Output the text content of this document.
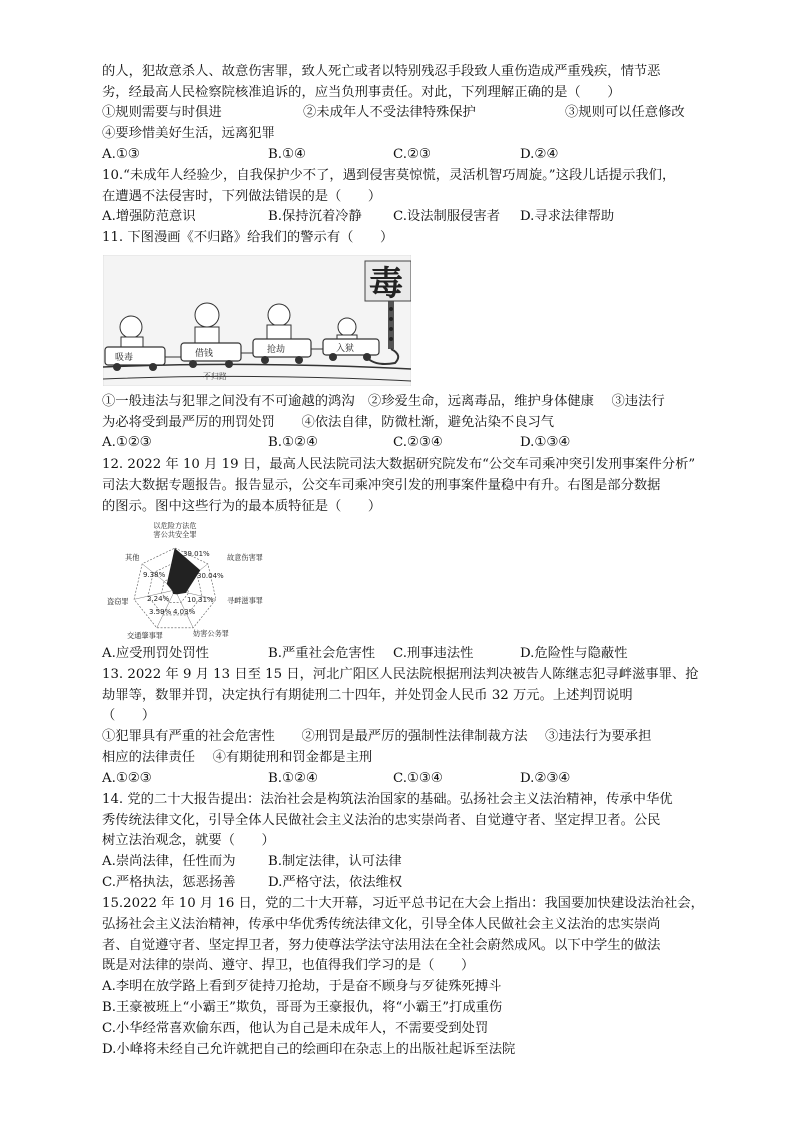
的人，犯故意杀人、故意伤害罪，致人死亡或者以特别残忍手段致人重伤造成严重残疾，情节恶
劣，经最高人民检察院核准追诉的，应当负刑事责任。对此，下列理解正确的是（　　）
①规则需要与时俱进	②未成年人不受法律特殊保护	③规则可以任意修改
④要珍惜美好生活，远离犯罪
A.①③	B.①④	C.②③	D.②④
10.“未成年人经验少，自我保护少不了，遇到侵害莫惊慌，灵活机智巧周旋。”这段儿话提示我们，
在遭遇不法侵害时，下列做法错误的是（　　）
A.增强防范意识	B.保持沉着冷静 C.设法制服侵害者 D.寻求法律帮助
11. 下图漫画《不归路》给我们的警示有（　　）
不归路
毒
吸毒	借钱	抢劫	入狱
①一般违法与犯罪之间没有不可逾越的鸿沟　②珍爱生命，远离毒品，维护身体健康　 ③违法行
为必将受到最严厉的刑罚处罚　　④依法自律，防微杜渐，避免沾染不良习气
A.①②③	B.①②④	C.②③④	D.①③④
12. 2022 年 10 月 19 日，最高人民法院司法大数据研究院发布“公交车司乘冲突引发刑事案件分析”
司法大数据专题报告。报告显示，公交车司乘冲突引发的刑事案件量稳中有升。右图是部分数据
的图示。图中这些行为的最本质特征是（　　）
以危险方法危
害公共安全罪
39.01% 故意伤害罪
30.04%
寻衅滋事罪
10.31%
妨害公务罪
4.03%
交通肇事罪
3.59%
盗窃罪	2.24%
其他
9.38%
A.应受刑罚处罚性	B.严重社会危害性 C.刑事违法性	D.危险性与隐蔽性
13. 2022 年 9 月 13 日至 15 日，河北广阳区人民法院根据刑法判决被告人陈继志犯寻衅滋事罪、抢
劫罪等，数罪并罚，决定执行有期徒刑二十四年，并处罚金人民币 32 万元。上述判罚说明
（　　）
①犯罪具有严重的社会危害性　　②刑罚是最严厉的强制性法律制裁方法　 ③违法行为要承担
相应的法律责任　 ④有期徒刑和罚金都是主刑
A.①②③	B.①②④	C.①③④	D.②③④
14. 党的二十大报告提出：法治社会是构筑法治国家的基础。弘扬社会主义法治精神，传承中华优
秀传统法律文化，引导全体人民做社会主义法治的忠实崇尚者、自觉遵守者、坚定捍卫者。公民
树立法治观念，就要（　　）
A.崇尚法律，任性而为 B.制定法律，认可法律
C.严格执法，惩恶扬善 D.严格守法，依法维权
15.2022 年 10 月 16 日，党的二十大开幕，习近平总书记在大会上指出：我国要加快建设法治社会，
弘扬社会主义法治精神，传承中华优秀传统法律文化，引导全体人民做社会主义法治的忠实崇尚
者、自觉遵守者、坚定捍卫者，努力使尊法学法守法用法在全社会蔚然成风。以下中学生的做法
既是对法律的崇尚、遵守、捍卫，也值得我们学习的是（　　）
A.李明在放学路上看到歹徒持刀抢劫，于是奋不顾身与歹徒殊死搏斗
B.王豪被班上“小霸王”欺负，哥哥为王豪报仇，将“小霸王”打成重伤
C.小华经常喜欢偷东西，他认为自己是未成年人，不需要受到处罚
D.小峰将未经自己允许就把自己的绘画印在杂志上的出版社起诉至法院
